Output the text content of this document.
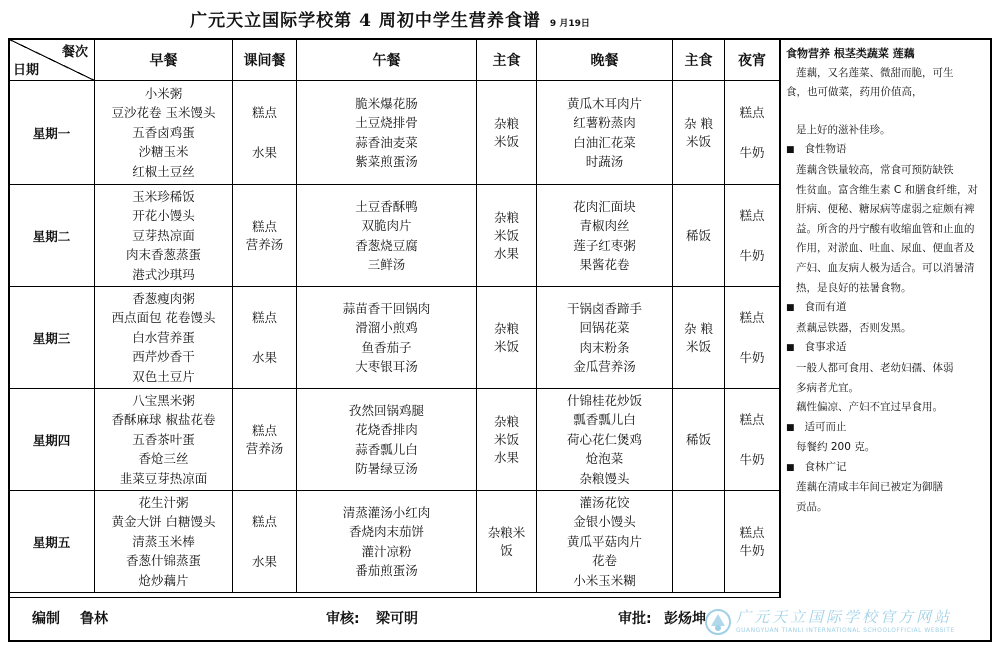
广元天立国际学校第 4 周初中学生营养食谱 9 月19日
餐次
日期	早餐	课间餐	午餐	主食	晚餐	主食	夜宵
星期一	小米粥
豆沙花卷 玉米馒头
五香卤鸡蛋
沙糖玉米
红椒土豆丝	糕点
水果	脆米爆花肠
土豆烧排骨
蒜香油麦菜
紫菜煎蛋汤	杂粮
米饭	黄瓜木耳肉片
红薯粉蒸肉
白油汇花菜
时蔬汤	杂 粮
米饭	糕点
牛奶

星期二	玉米珍稀饭
开花小馒头
豆芽热凉面
肉末香葱蒸蛋
港式沙琪玛	糕点
营养汤	土豆香酥鸭
双脆肉片
香葱烧豆腐
三鲜汤	杂粮
米饭
水果	花肉汇面块
青椒肉丝
莲子红枣粥
果酱花卷	稀饭	糕点
牛奶

星期三	香葱瘦肉粥
西点面包 花卷馒头
白水营养蛋
西芹炒香干
双色土豆片	糕点
水果	蒜苗香干回锅肉
滑溜小煎鸡
鱼香茄子
大枣银耳汤	杂粮
米饭	干锅卤香蹄手
回锅花菜
肉末粉条
金瓜营养汤	杂 粮
米饭	糕点
牛奶

星期四	八宝黑米粥
香酥麻球 椒盐花卷
五香茶叶蛋
香炝三丝
韭菜豆芽热凉面	糕点
营养汤	孜然回锅鸡腿
花烧香排肉
蒜香瓢儿白
防暑绿豆汤	杂粮
米饭
水果	什锦桂花炒饭
瓢香瓢儿白
荷心花仁煲鸡
炝泡菜
杂粮馒头	稀饭	糕点
牛奶

星期五	花生汁粥
黄金大饼 白糖馒头
清蒸玉米棒
香葱什锦蒸蛋
炝炒藕片	糕点
水果	清蒸灌汤小红肉
香烧肉末茄饼
灌汁凉粉
番茄煎蛋汤	杂粮米
饭	灌汤花饺
金银小馒头
黄瓜平菇肉片
花卷
小米玉米糊		糕点
牛奶
编制 鲁林	审核: 梁可明	审批: 彭炀坤
食物营养 根茎类蔬菜 莲藕
莲藕，又名莲菜、微甜而脆，可生
食，也可做菜，药用价值高，
是上好的滋补佳珍。
■ 食性物语
莲藕含铁量较高，常食可预防缺铁
性贫血。富含维生素 C 和膳食纤维，对
肝病、便秘、糖尿病等虚弱之症颇有裨
益。所含的丹宁酸有收缩血管和止血的
作用，对淤血、吐血、尿血、便血者及
产妇、血友病人极为适合。可以消暑清
热，是良好的祛暑食物。
■ 食而有道
煮藕忌铁器，否则发黑。
■ 食事求适
一般人都可食用、老幼妇孺、体弱
多病者尤宜。
藕性偏凉、产妇不宜过早食用。
■ 适可而止
每餐约 200 克。
■ 食林广记
莲藕在清咸丰年间已被定为御膳
贡品。
广元天立国际学校官方网站
GUANGYUAN TIANLI INTERNATIONAL SCHOOLOFFICIAL WEBSITE
